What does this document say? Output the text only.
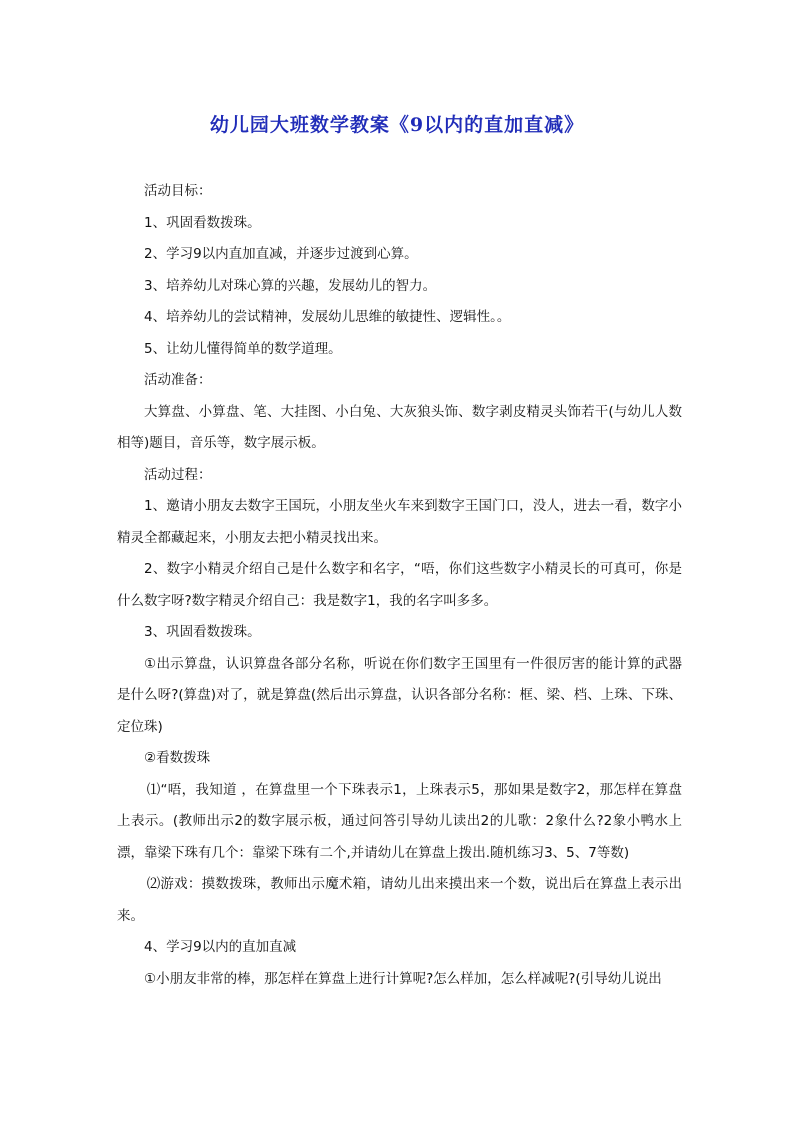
幼儿园大班数学教案《9以内的直加直减》

活动目标：

1、巩固看数拨珠。

2、学习9以内直加直减，并逐步过渡到心算。

3、培养幼儿对珠心算的兴趣，发展幼儿的智力。

4、培养幼儿的尝试精神，发展幼儿思维的敏捷性、逻辑性。。

5、让幼儿懂得简单的数学道理。

活动准备：

大算盘、小算盘、笔、大挂图、小白兔、大灰狼头饰、数字剥皮精灵头饰若干(与幼儿人数相等)题目，音乐等，数字展示板。

活动过程：

1、邀请小朋友去数字王国玩，小朋友坐火车来到数字王国门口，没人，进去一看，数字小精灵全都藏起来，小朋友去把小精灵找出来。

2、数字小精灵介绍自己是什么数字和名字，“唔，你们这些数字小精灵长的可真可，你是什么数字呀?数字精灵介绍自己：我是数字1，我的名字叫多多。

3、巩固看数拨珠。

①出示算盘，认识算盘各部分名称，听说在你们数字王国里有一件很厉害的能计算的武器是什么呀?(算盘)对了，就是算盘(然后出示算盘，认识各部分名称：框、梁、档、上珠、下珠、定位珠)

②看数拨珠

⑴“唔，我知道 ，在算盘里一个下珠表示1，上珠表示5，那如果是数字2，那怎样在算盘上表示。(教师出示2的数字展示板，通过问答引导幼儿读出2的儿歌：2象什么?2象小鸭水上漂，靠梁下珠有几个：靠梁下珠有二个,并请幼儿在算盘上拨出.随机练习3、5、7等数)

⑵游戏：摸数拨珠，教师出示魔术箱，请幼儿出来摸出来一个数，说出后在算盘上表示出来。

4、学习9以内的直加直减

①小朋友非常的棒，那怎样在算盘上进行计算呢?怎么样加，怎么样减呢?(引导幼儿说出
